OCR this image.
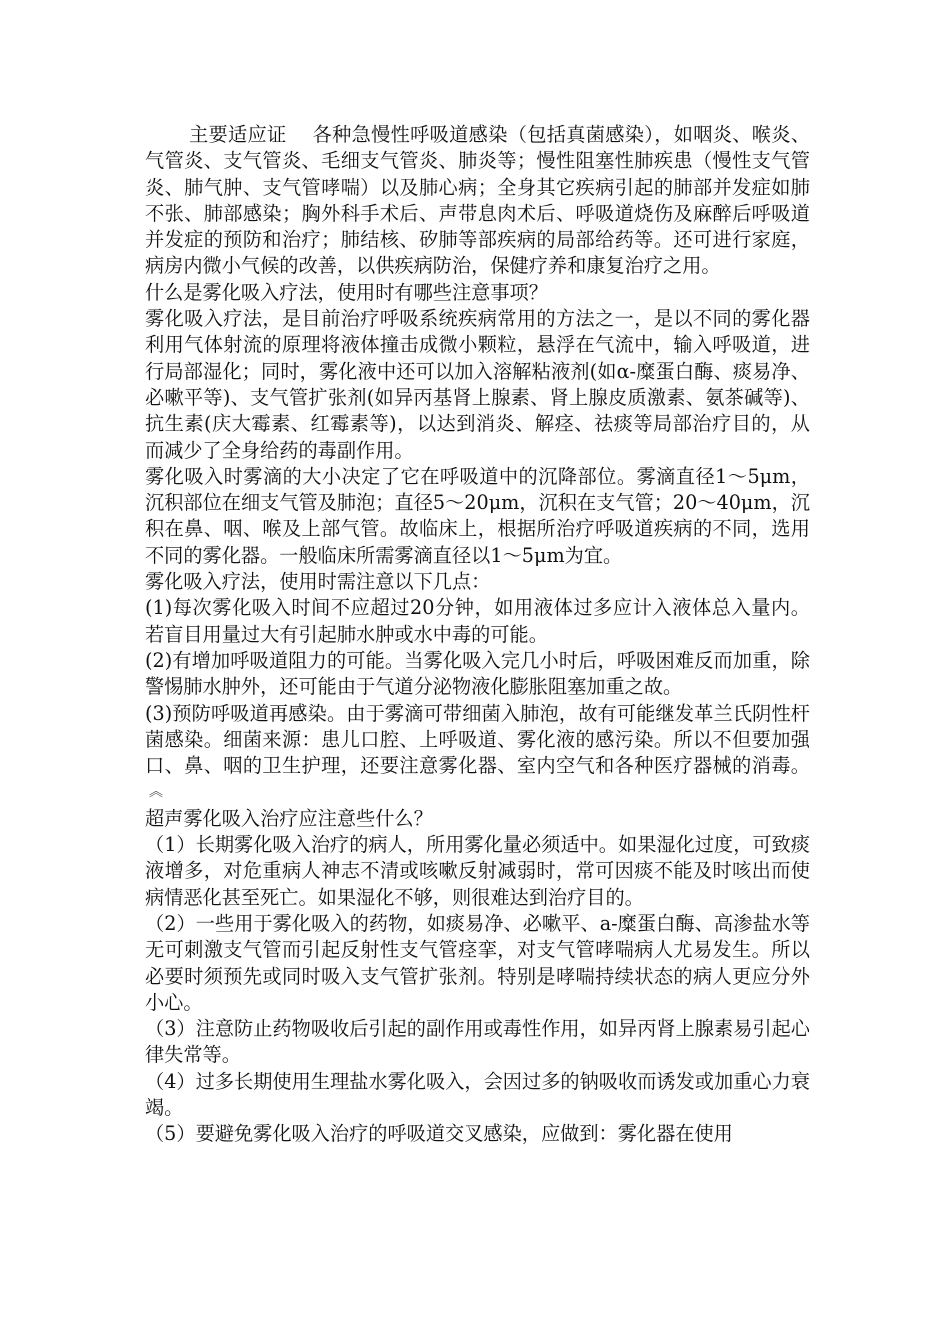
主要适应证 各种急慢性呼吸道感染（包括真菌感染），如咽炎、喉炎、气管炎、支气管炎、毛细支气管炎、肺炎等；慢性阻塞性肺疾患（慢性支气管炎、肺气肿、支气管哮喘）以及肺心病；全身其它疾病引起的肺部并发症如肺不张、肺部感染；胸外科手术后、声带息肉术后、呼吸道烧伤及麻醉后呼吸道并发症的预防和治疗；肺结核、矽肺等部疾病的局部给药等。还可进行家庭，病房内微小气候的改善，以供疾病防治，保健疗养和康复治疗之用。

什么是雾化吸入疗法，使用时有哪些注意事项？

雾化吸入疗法，是目前治疗呼吸系统疾病常用的方法之一，是以不同的雾化器利用气体射流的原理将液体撞击成微小颗粒，悬浮在气流中，输入呼吸道，进行局部湿化；同时，雾化液中还可以加入溶解粘液剂(如α-糜蛋白酶、痰易净、必嗽平等)、支气管扩张剂(如异丙基肾上腺素、肾上腺皮质激素、氨茶碱等)、抗生素(庆大霉素、红霉素等)，以达到消炎、解痉、祛痰等局部治疗目的，从而减少了全身给药的毒副作用。

雾化吸入时雾滴的大小决定了它在呼吸道中的沉降部位。雾滴直径1～5μm，沉积部位在细支气管及肺泡；直径5～20μm，沉积在支气管；20～40μm，沉积在鼻、咽、喉及上部气管。故临床上，根据所治疗呼吸道疾病的不同，选用不同的雾化器。一般临床所需雾滴直径以1～5μm为宜。

雾化吸入疗法，使用时需注意以下几点：

(1)每次雾化吸入时间不应超过20分钟，如用液体过多应计入液体总入量内。若盲目用量过大有引起肺水肿或水中毒的可能。

(2)有增加呼吸道阻力的可能。当雾化吸入完几小时后，呼吸困难反而加重，除警惕肺水肿外，还可能由于气道分泌物液化膨胀阻塞加重之故。

(3)预防呼吸道再感染。由于雾滴可带细菌入肺泡，故有可能继发革兰氏阴性杆菌感染。细菌来源：患儿口腔、上呼吸道、雾化液的感污染。所以不但要加强口、鼻、咽的卫生护理，还要注意雾化器、室内空气和各种医疗器械的消毒。︽

超声雾化吸入治疗应注意些什么？

（1）长期雾化吸入治疗的病人，所用雾化量必须适中。如果湿化过度，可致痰液增多，对危重病人神志不清或咳嗽反射减弱时，常可因痰不能及时咳出而使病情恶化甚至死亡。如果湿化不够，则很难达到治疗目的。

（2）一些用于雾化吸入的药物，如痰易净、必嗽平、a-糜蛋白酶、高渗盐水等无可刺激支气管而引起反射性支气管痉挛，对支气管哮喘病人尤易发生。所以必要时须预先或同时吸入支气管扩张剂。特别是哮喘持续状态的病人更应分外小心。

（3）注意防止药物吸收后引起的副作用或毒性作用，如异丙肾上腺素易引起心律失常等。

（4）过多长期使用生理盐水雾化吸入，会因过多的钠吸收而诱发或加重心力衰竭。

（5）要避免雾化吸入治疗的呼吸道交叉感染，应做到：雾化器在使用
